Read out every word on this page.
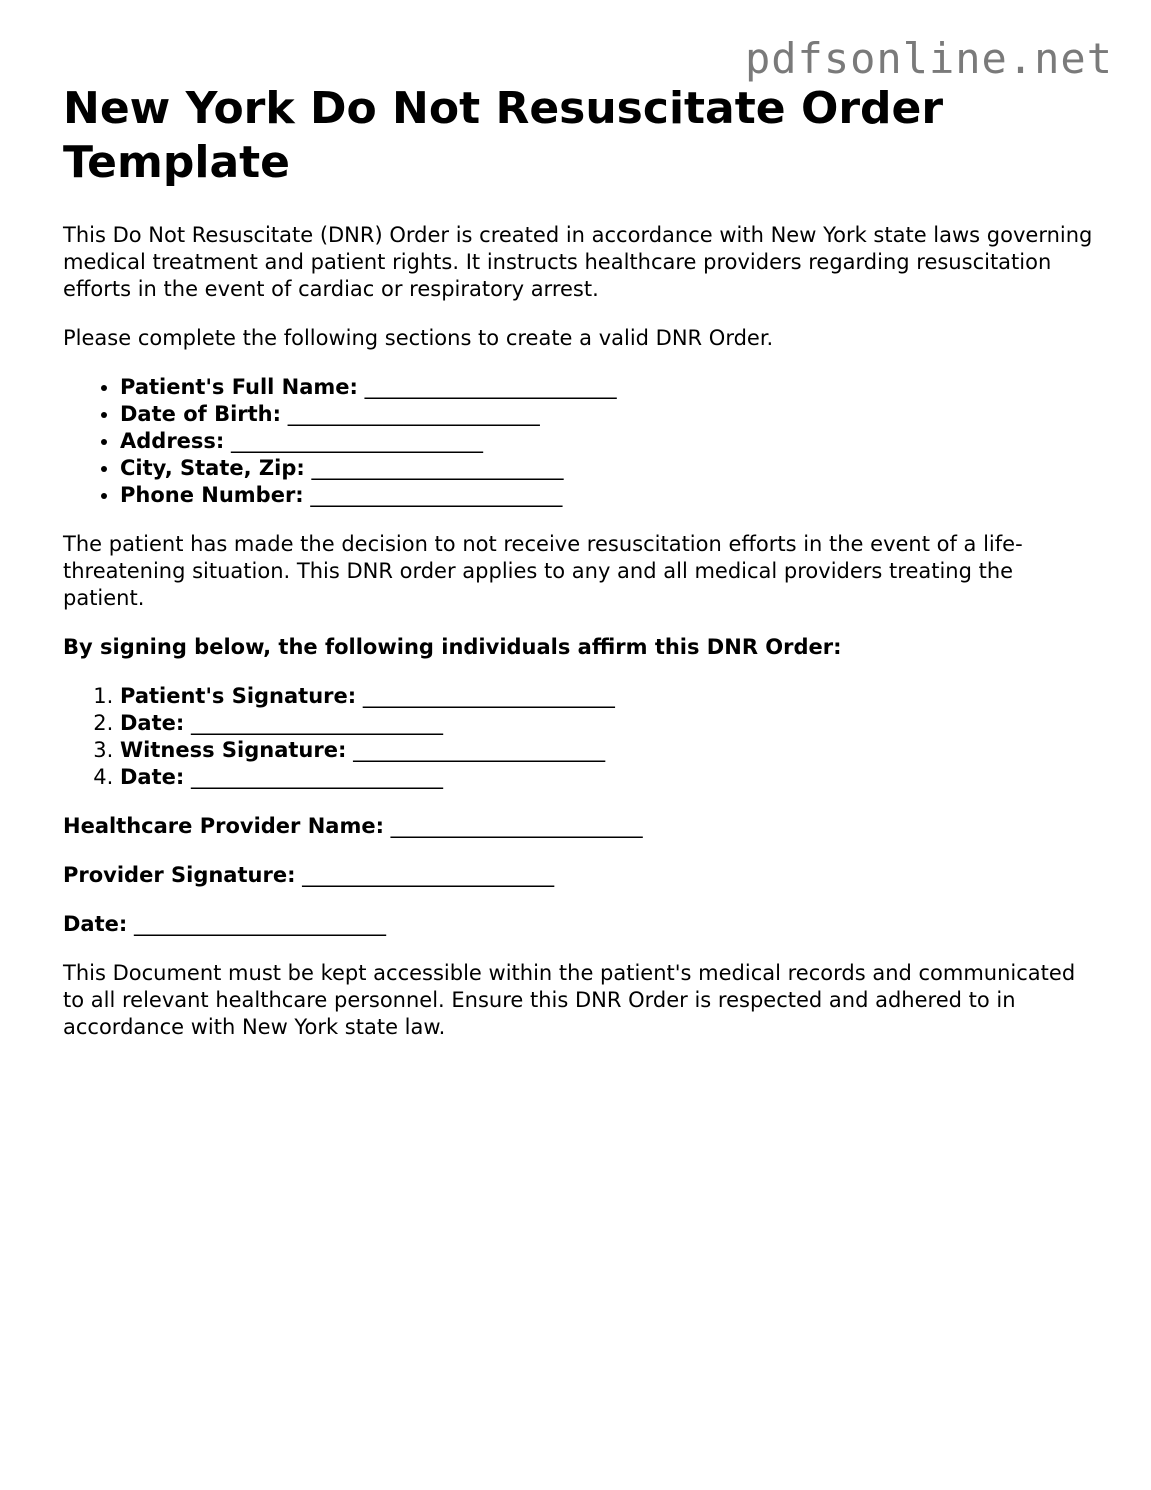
pdfsonline.net
New York Do Not Resuscitate Order Template

This Do Not Resuscitate (DNR) Order is created in accordance with New York state laws governing medical treatment and patient rights. It instructs healthcare providers regarding resuscitation efforts in the event of cardiac or respiratory arrest.

Please complete the following sections to create a valid DNR Order.

• Patient's Full Name: ________________________
• Date of Birth: ________________________
• Address: ________________________
• City, State, Zip: ________________________
• Phone Number: ________________________

The patient has made the decision to not receive resuscitation efforts in the event of a life-threatening situation. This DNR order applies to any and all medical providers treating the patient.

By signing below, the following individuals affirm this DNR Order:

1. Patient's Signature: ________________________
2. Date: ________________________
3. Witness Signature: ________________________
4. Date: ________________________

Healthcare Provider Name: ________________________

Provider Signature: ________________________

Date: ________________________

This Document must be kept accessible within the patient's medical records and communicated to all relevant healthcare personnel. Ensure this DNR Order is respected and adhered to in accordance with New York state law.
